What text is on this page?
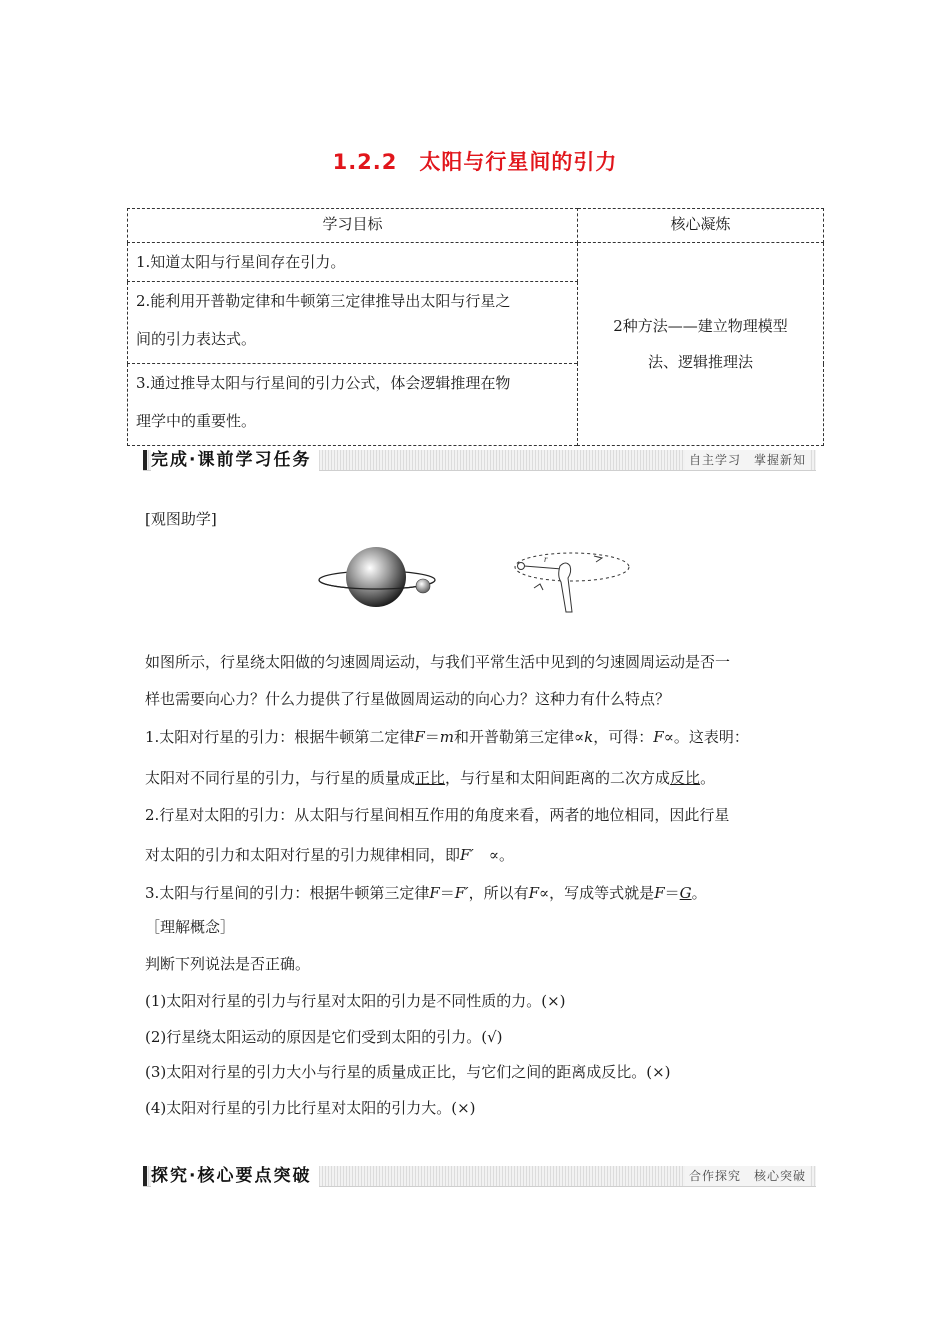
1.2.2　太阳与行星间的引力
学习目标	核心凝炼

1.知道太阳与行星间存在引力。	2种方法——建立物理模型
法、逻辑推理法

2.能利用开普勒定律和牛顿第三定律推导出太阳与行星之
间的引力表达式。	

3.通过推导太阳与行星间的引力公式，体会逻辑推理在物
理学中的重要性。	
完成·课前学习任务	自主学习　掌握新知
[观图助学]
r
如图所示，行星绕太阳做的匀速圆周运动，与我们平常生活中见到的匀速圆周运动是否一
样也需要向心力？什么力提供了行星做圆周运动的向心力？这种力有什么特点？
1.太阳对行星的引力：根据牛顿第二定律F＝m和开普勒第三定律∝k，可得：F∝。这表明：
太阳对不同行星的引力，与行星的质量成正比，与行星和太阳间距离的二次方成反比。
2.行星对太阳的引力：从太阳与行星间相互作用的角度来看，两者的地位相同，因此行星
对太阳的引力和太阳对行星的引力规律相同，即F′　∝。
3.太阳与行星间的引力：根据牛顿第三定律F＝F′，所以有F∝，写成等式就是F＝G。
［理解概念］
判断下列说法是否正确。
(1)太阳对行星的引力与行星对太阳的引力是不同性质的力。(×)
(2)行星绕太阳运动的原因是它们受到太阳的引力。(√)
(3)太阳对行星的引力大小与行星的质量成正比，与它们之间的距离成反比。(×)
(4)太阳对行星的引力比行星对太阳的引力大。(×)
探究·核心要点突破	合作探究　核心突破
